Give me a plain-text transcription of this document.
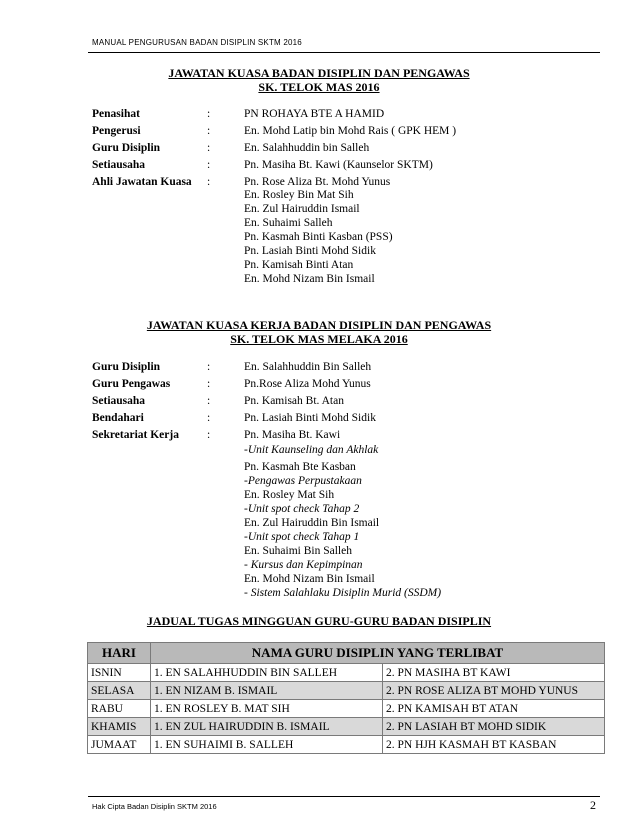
MANUAL PENGURUSAN BADAN DISIPLIN SKTM 2016
JAWATAN KUASA BADAN DISIPLIN DAN PENGAWAS
SK. TELOK MAS 2016
Penasihat	:	PN ROHAYA BTE A HAMID
Pengerusi	:	En. Mohd Latip bin Mohd Rais ( GPK HEM )
Guru Disiplin	:	En. Salahhuddin bin Salleh
Setiausaha	:	Pn. Masiha Bt. Kawi (Kaunselor SKTM)
Ahli Jawatan Kuasa :	Pn. Rose Aliza Bt. Mohd Yunus
En. Rosley Bin Mat Sih
En. Zul Hairuddin Ismail
En. Suhaimi Salleh
Pn. Kasmah Binti Kasban (PSS)
Pn. Lasiah Binti Mohd Sidik
Pn. Kamisah Binti Atan
En. Mohd Nizam Bin Ismail
JAWATAN KUASA KERJA BADAN DISIPLIN DAN PENGAWAS
SK. TELOK MAS MELAKA 2016
Guru Disiplin	:	En. Salahhuddin Bin Salleh
Guru Pengawas	:	Pn.Rose Aliza Mohd Yunus
Setiausaha	:	Pn. Kamisah Bt. Atan
Bendahari	:	Pn. Lasiah Binti Mohd Sidik
Sekretariat Kerja :	Pn. Masiha Bt. Kawi
-Unit Kaunseling dan Akhlak
Pn. Kasmah Bte Kasban
-Pengawas Perpustakaan
En. Rosley Mat Sih
-Unit spot check Tahap 2
En. Zul Hairuddin Bin Ismail
-Unit spot check Tahap 1
En. Suhaimi Bin Salleh
- Kursus dan Kepimpinan
En. Mohd Nizam Bin Ismail
- Sistem Salahlaku Disiplin Murid (SSDM)
JADUAL TUGAS MINGGUAN GURU-GURU BADAN DISIPLIN
HARI	NAMA GURU DISIPLIN YANG TERLIBAT	
ISNIN	1. EN SALAHHUDDIN BIN SALLEH	2. PN MASIHA BT KAWI
SELASA	1. EN NIZAM B. ISMAIL	2. PN ROSE ALIZA BT MOHD YUNUS
RABU	1. EN ROSLEY B. MAT SIH	2. PN KAMISAH BT ATAN
KHAMIS	1. EN ZUL HAIRUDDIN B. ISMAIL	2. PN LASIAH BT MOHD SIDIK
JUMAAT	1. EN SUHAIMI B. SALLEH	2. PN HJH KASMAH BT KASBAN
Hak Cipta Badan Disiplin SKTM 2016	2
